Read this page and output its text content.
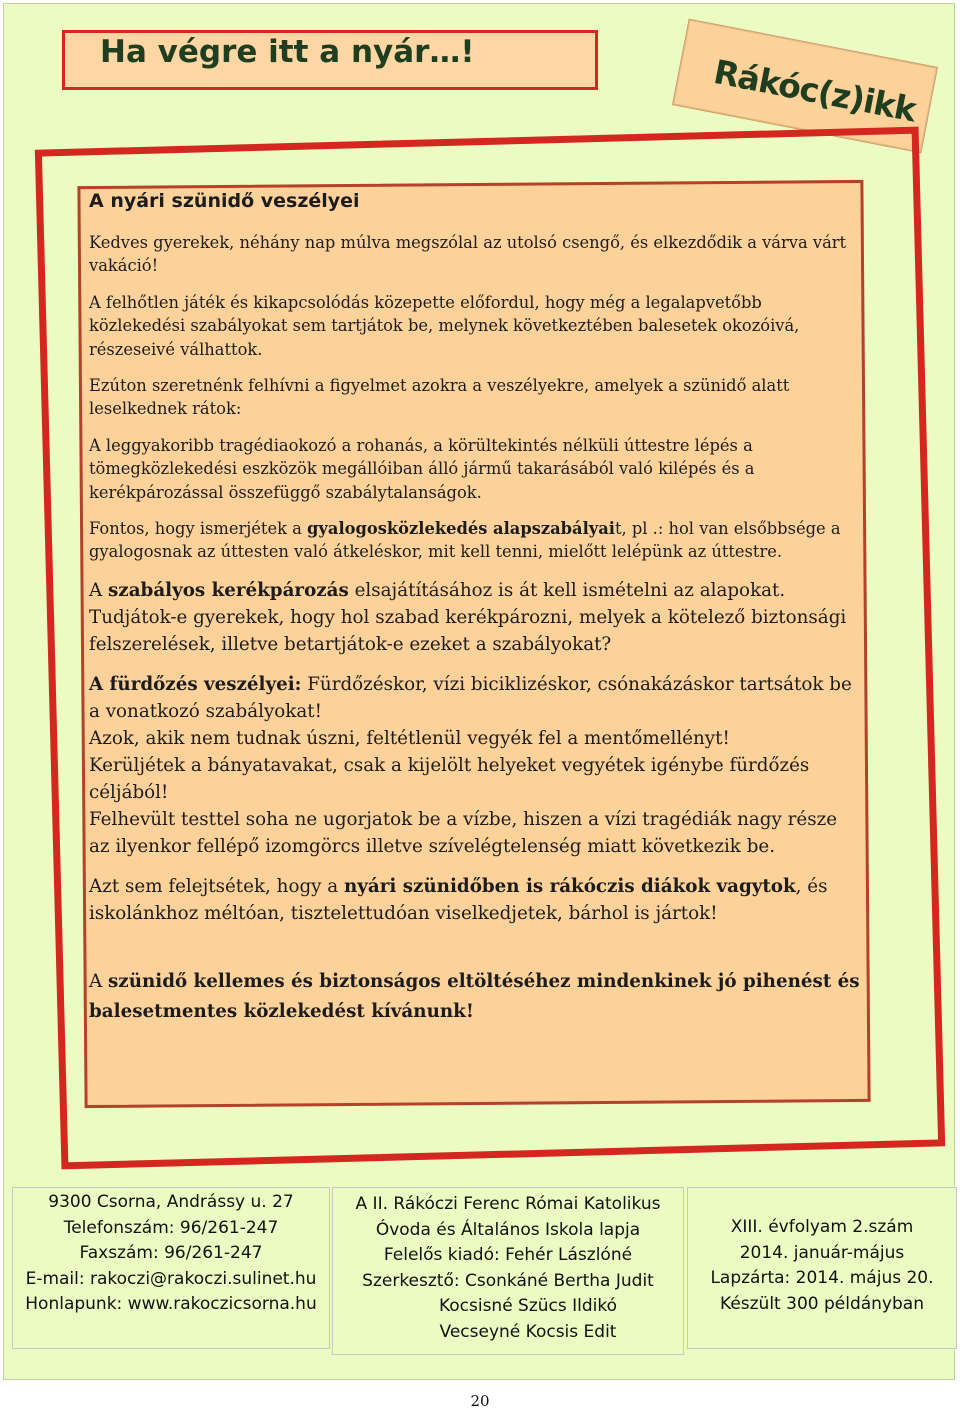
Ha végre itt a nyár…!	Rákóc(z)ikk
A nyári szünidő veszélyei

Kedves gyerekek, néhány nap múlva megszólal az utolsó csengő, és elkezdődik a várva várt vakáció!

A felhőtlen játék és kikapcsolódás közepette előfordul, hogy még a legalapvetőbb közlekedési szabályokat sem tartjátok be, melynek következtében balesetek okozóivá, részeseivé válhattok.

Ezúton szeretnénk felhívni a figyelmet azokra a veszélyekre, amelyek a szünidő alatt leselkednek rátok:

A leggyakoribb tragédiaokozó a rohanás, a körültekintés nélküli úttestre lépés a tömegközlekedési eszközök megállóiban álló jármű takarásából való kilépés és a kerékpározással összefüggő szabálytalanságok.

Fontos, hogy ismerjétek a gyalogosközlekedés alapszabályait, pl .: hol van elsőbbsége a gyalogosnak az úttesten való átkeléskor, mit kell tenni, mielőtt lelépünk az úttestre.

A szabályos kerékpározás elsajátításához is át kell ismételni az alapokat. Tudjátok-e gyerekek, hogy hol szabad kerékpározni, melyek a kötelező biztonsági felszerelések, illetve betartjátok-e ezeket a szabályokat?

A fürdőzés veszélyei: Fürdőzéskor, vízi biciklizéskor, csónakázáskor tartsátok be a vonatkozó szabályokat!

Azok, akik nem tudnak úszni, feltétlenül vegyék fel a mentőmellényt!

Kerüljétek a bányatavakat, csak a kijelölt helyeket vegyétek igénybe fürdőzés céljából!

Felhevült testtel soha ne ugorjatok be a vízbe, hiszen a vízi tragédiák nagy része az ilyenkor fellépő izomgörcs illetve szívelégtelenség miatt következik be.

Azt sem felejtsétek, hogy a nyári szünidőben is rákóczis diákok vagytok, és iskolánkhoz méltóan, tisztelettudóan viselkedjetek, bárhol is jártok!

A szünidő kellemes és biztonságos eltöltéséhez mindenkinek jó pihenést és balesetmentes közlekedést kívánunk!
9300 Csorna, Andrássy u. 27
Telefonszám: 96/261-247
Faxszám: 96/261-247
E-mail: rakoczi@rakoczi.sulinet.hu
Honlapunk: www.rakoczicsorna.hu
A II. Rákóczi Ferenc Római Katolikus
Óvoda és Általános Iskola lapja
Felelős kiadó: Fehér Lászlóné
Szerkesztő: Csonkáné Bertha Judit
Kocsisné Szücs Ildikó
Vecseyné Kocsis Edit
XIII. évfolyam 2.szám
2014. január-május
Lapzárta: 2014. május 20.
Készült 300 példányban
20
